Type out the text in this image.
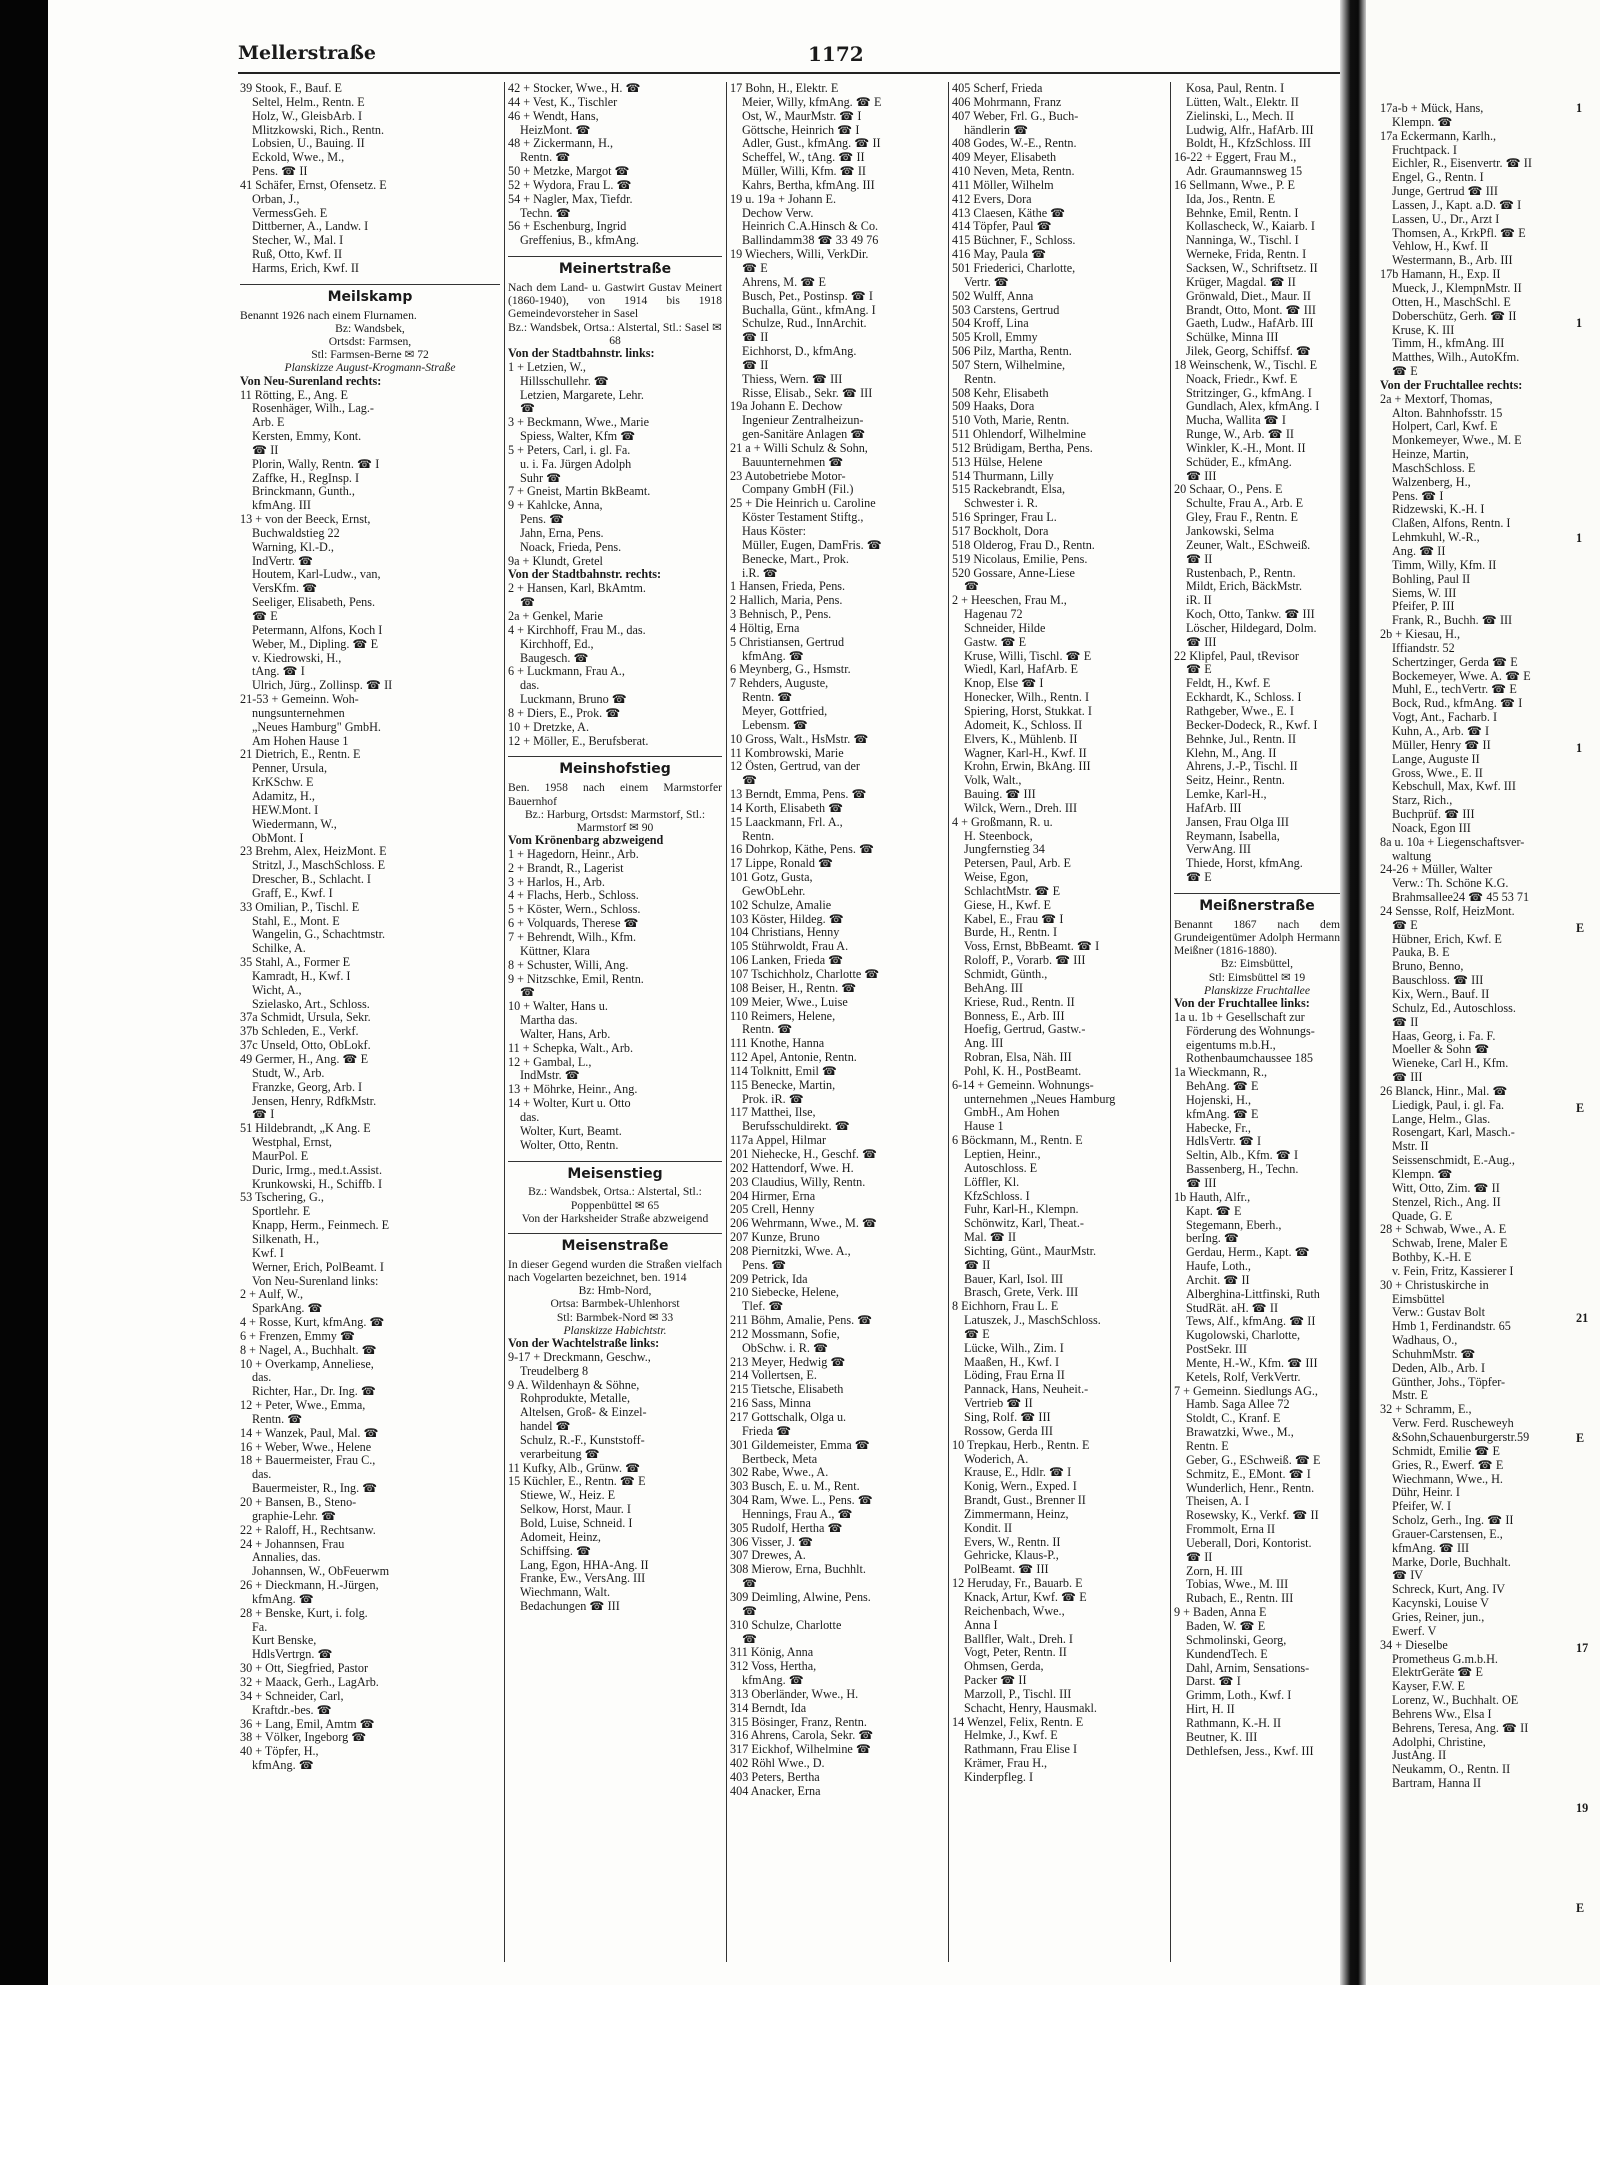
Mellerstraße	1172
39 Stook, F., Bauf. E
Seltel, Helm., Rentn. E
Holz, W., GleisbArb. I
Mlitzkowski, Rich., Rentn.
Lobsien, U., Bauing. II
Eckold, Wwe., M.,
Pens. ☎ II
41 Schäfer, Ernst, Ofensetz. E
Orban, J.,
VermessGeh. E
Dittberner, A., Landw. I
Stecher, W., Mal. I
Ruß, Otto, Kwf. II
Harms, Erich, Kwf. II
Meilskamp
Benannt 1926 nach einem Flurnamen.
Bz: Wandsbek,
Ortsdst: Farmsen,
Stl: Farmsen-Berne ✉ 72
Planskizze August-Krogmann-Straße
Von Neu-Surenland rechts:
11 Rötting, E., Ang. E
Rosenhäger, Wilh., Lag.-
Arb. E
Kersten, Emmy, Kont.
☎ II
Plorin, Wally, Rentn. ☎ I
Zaffke, H., RegInsp. I
Brinckmann, Gunth.,
kfmAng. III
13 + von der Beeck, Ernst,
Buchwaldstieg 22
Warning, Kl.-D.,
IndVertr. ☎
Houtem, Karl-Ludw., van,
VersKfm. ☎
Seeliger, Elisabeth, Pens.
☎ E
Petermann, Alfons, Koch I
Weber, M., Dipling. ☎ E
v. Kiedrowski, H.,
tAng. ☎ I
Ulrich, Jürg., Zollinsp. ☎ II
21-53 + Gemeinn. Woh-
nungsunternehmen
„Neues Hamburg" GmbH.
Am Hohen Hause 1
21 Dietrich, E., Rentn. E
Penner, Ursula,
KrKSchw. E
Adamitz, H.,
HEW.Mont. I
Wiedermann, W.,
ObMont. I
23 Brehm, Alex, HeizMont. E
Stritzl, J., MaschSchloss. E
Drescher, B., Schlacht. I
Graff, E., Kwf. I
33 Omilian, P., Tischl. E
Stahl, E., Mont. E
Wangelin, G., Schachtmstr.
Schilke, A.
35 Stahl, A., Former E
Kamradt, H., Kwf. I
Wicht, A.,
Szielasko, Art., Schloss.
37a Schmidt, Ursula, Sekr.
37b Schleden, E., Verkf.
37c Unseld, Otto, ObLokf.
49 Germer, H., Ang. ☎ E
Studt, W., Arb.
Franzke, Georg, Arb. I
Jensen, Henry, RdfkMstr.
☎ I
51 Hildebrandt, „K Ang. E
Westphal, Ernst,
MaurPol. E
Duric, Irmg., med.t.Assist.
Krunkowski, H., Schiffb. I
53 Tschering, G.,
Sportlehr. E
Knapp, Herm., Feinmech. E
Silkenath, H.,
Kwf. I
Werner, Erich, PolBeamt. I
Von Neu-Surenland links:
2 + Aulf, W.,
SparkAng. ☎
4 + Rosse, Kurt, kfmAng. ☎
6 + Frenzen, Emmy ☎
8 + Nagel, A., Buchhalt. ☎
10 + Overkamp, Anneliese,
das.
Richter, Har., Dr. Ing. ☎
12 + Peter, Wwe., Emma,
Rentn. ☎
14 + Wanzek, Paul, Mal. ☎
16 + Weber, Wwe., Helene
18 + Bauermeister, Frau C.,
das.
Bauermeister, R., Ing. ☎
20 + Bansen, B., Steno-
graphie-Lehr. ☎
22 + Raloff, H., Rechtsanw.
24 + Johannsen, Frau
Annalies, das.
Johannsen, W., ObFeuerwm
26 + Dieckmann, H.-Jürgen,
kfmAng. ☎
28 + Benske, Kurt, i. folg.
Fa.
Kurt Benske,
HdlsVertrgn. ☎
30 + Ott, Siegfried, Pastor
32 + Maack, Gerh., LagArb.
34 + Schneider, Carl,
Kraftdr.-bes. ☎
36 + Lang, Emil, Amtm ☎
38 + Völker, Ingeborg ☎
40 + Töpfer, H.,
kfmAng. ☎
42 + Stocker, Wwe., H. ☎
44 + Vest, K., Tischler
46 + Wendt, Hans,
HeizMont. ☎
48 + Zickermann, H.,
Rentn. ☎
50 + Metzke, Margot ☎
52 + Wydora, Frau L. ☎
54 + Nagler, Max, Tiefdr.
Techn. ☎
56 + Eschenburg, Ingrid
Greffenius, B., kfmAng.
Meinertstraße
Nach dem Land- u. Gastwirt Gustav Meinert (1860-1940), von 1914 bis 1918 Gemeindevorsteher in Sasel
Bz.: Wandsbek, Ortsa.: Alstertal, Stl.: Sasel ✉ 68
Von der Stadtbahnstr. links:
1 + Letzien, W.,
Hillsschullehr. ☎
Letzien, Margarete, Lehr.
☎
3 + Beckmann, Wwe., Marie
Spiess, Walter, Kfm ☎
5 + Peters, Carl, i. gl. Fa.
u. i. Fa. Jürgen Adolph
Suhr ☎
7 + Gneist, Martin BkBeamt.
9 + Kahlcke, Anna,
Pens. ☎
Jahn, Erna, Pens.
Noack, Frieda, Pens.
9a + Klundt, Gretel
Von der Stadtbahnstr. rechts:
2 + Hansen, Karl, BkAmtm.
☎
2a + Genkel, Marie
4 + Kirchhoff, Frau M., das.
Kirchhoff, Ed.,
Baugesch. ☎
6 + Luckmann, Frau A.,
das.
Luckmann, Bruno ☎
8 + Diers, E., Prok. ☎
10 + Dretzke, A.
12 + Möller, E., Berufsberat.
Meinshofstieg
Ben. 1958 nach einem Marmstorfer Bauernhof
Bz.: Harburg, Ortsdst: Marmstorf, Stl.: Marmstorf ✉ 90
Vom Krönenbarg abzweigend
1 + Hagedorn, Heinr., Arb.
2 + Brandt, R., Lagerist
3 + Harlos, H., Arb.
4 + Flachs, Herb., Schloss.
5 + Köster, Wern., Schloss.
6 + Volquards, Therese ☎
7 + Behrendt, Wilh., Kfm.
Küttner, Klara
8 + Schuster, Willi, Ang.
9 + Nitzschke, Emil, Rentn.
☎
10 + Walter, Hans u.
Martha das.
Walter, Hans, Arb.
11 + Schepka, Walt., Arb.
12 + Gambal, L.,
IndMstr. ☎
13 + Möhrke, Heinr., Ang.
14 + Wolter, Kurt u. Otto
das.
Wolter, Kurt, Beamt.
Wolter, Otto, Rentn.
Meisenstieg
Bz.: Wandsbek, Ortsa.: Alstertal, Stl.: Poppenbüttel ✉ 65
Von der Harksheider Straße abzweigend
Meisenstraße
In dieser Gegend wurden die Straßen vielfach nach Vogelarten bezeichnet, ben. 1914
Bz: Hmb-Nord,
Ortsa: Barmbek-Uhlenhorst
Stl: Barmbek-Nord ✉ 33
Planskizze Habichtstr.
Von der Wachtelstraße links:
9-17 + Dreckmann, Geschw.,
Treudelberg 8
9 A. Wildenhayn & Söhne,
Rohprodukte, Metalle,
Altelsen, Groß- & Einzel-
handel ☎
Schulz, R.-F., Kunststoff-
verarbeitung ☎
11 Kufky, Alb., Grünw. ☎
15 Küchler, E., Rentn. ☎ E
Stiewe, W., Heiz. E
Selkow, Horst, Maur. I
Bold, Luise, Schneid. I
Adomeit, Heinz,
Schiffsing. ☎
Lang, Egon, HHA-Ang. II
Franke, Ew., VersAng. III
Wiechmann, Walt.
Bedachungen ☎ III
17 Bohn, H., Elektr. E
Meier, Willy, kfmAng. ☎ E
Ost, W., MaurMstr. ☎ I
Göttsche, Heinrich ☎ I
Adler, Gust., kfmAng. ☎ II
Scheffel, W., tAng. ☎ II
Müller, Willi, Kfm. ☎ II
Kahrs, Bertha, kfmAng. III
19 u. 19a + Johann E.
Dechow Verw.
Heinrich C.A.Hinsch & Co.
Ballindamm38 ☎ 33 49 76
19 Wiechers, Willi, VerkDir.
☎ E
Ahrens, M. ☎ E
Busch, Pet., Postinsp. ☎ I
Buchalla, Günt., kfmAng. I
Schulze, Rud., InnArchit.
☎ II
Eichhorst, D., kfmAng.
☎ II
Thiess, Wern. ☎ III
Risse, Elisab., Sekr. ☎ III
19a Johann E. Dechow
Ingenieur Zentralheizun-
gen-Sanitäre Anlagen ☎
21 a + Willi Schulz & Sohn,
Bauunternehmen ☎
23 Autobetriebe Motor-
Company GmbH (Fil.)
25 + Die Heinrich u. Caroline
Köster Testament Stiftg.,
Haus Köster:
Müller, Eugen, DamFris. ☎
Benecke, Mart., Prok.
i.R. ☎
1 Hansen, Frieda, Pens.
2 Hallich, Maria, Pens.
3 Behnisch, P., Pens.
4 Höltig, Erna
5 Christiansen, Gertrud
kfmAng. ☎
6 Meynberg, G., Hsmstr.
7 Rehders, Auguste,
Rentn. ☎
Meyer, Gottfried,
Lebensm. ☎
10 Gross, Walt., HsMstr. ☎
11 Kombrowski, Marie
12 Östen, Gertrud, van der
☎
13 Berndt, Emma, Pens. ☎
14 Korth, Elisabeth ☎
15 Laackmann, Frl. A.,
Rentn.
16 Dohrkop, Käthe, Pens. ☎
17 Lippe, Ronald ☎
101 Gotz, Gusta,
GewObLehr.
102 Schulze, Amalie
103 Köster, Hildeg. ☎
104 Christians, Henny
105 Stührwoldt, Frau A.
106 Lanken, Frieda ☎
107 Tschichholz, Charlotte ☎
108 Beiser, H., Rentn. ☎
109 Meier, Wwe., Luise
110 Reimers, Helene,
Rentn. ☎
111 Knothe, Hanna
112 Apel, Antonie, Rentn.
114 Tolknitt, Emil ☎
115 Benecke, Martin,
Prok. iR. ☎
117 Matthei, Ilse,
Berufsschuldirekt. ☎
117a Appel, Hilmar
201 Niehecke, H., Geschf. ☎
202 Hattendorf, Wwe. H.
203 Claudius, Willy, Rentn.
204 Hirmer, Erna
205 Crell, Henny
206 Wehrmann, Wwe., M. ☎
207 Kunze, Bruno
208 Piernitzki, Wwe. A.,
Pens. ☎
209 Petrick, Ida
210 Siebecke, Helene,
Tlef. ☎
211 Böhm, Amalie, Pens. ☎
212 Mossmann, Sofie,
ObSchw. i. R. ☎
213 Meyer, Hedwig ☎
214 Vollertsen, E.
215 Tietsche, Elisabeth
216 Sass, Minna
217 Gottschalk, Olga u.
Frieda ☎
301 Gildemeister, Emma ☎
Bertbeck, Meta
302 Rabe, Wwe., A.
303 Busch, E. u. M., Rent.
304 Ram, Wwe. L., Pens. ☎
Hennings, Frau A., ☎
305 Rudolf, Hertha ☎
306 Visser, J. ☎
307 Drewes, A.
308 Mierow, Erna, Buchhlt.
☎
309 Deimling, Alwine, Pens.
☎
310 Schulze, Charlotte
☎
311 König, Anna
312 Voss, Hertha,
kfmAng. ☎
313 Oberländer, Wwe., H.
314 Berndt, Ida
315 Bösinger, Franz, Rentn.
316 Ahrens, Carola, Sekr. ☎
317 Eickhof, Wilhelmine ☎
402 Röhl Wwe., D.
403 Peters, Bertha
404 Anacker, Erna
405 Scherf, Frieda
406 Mohrmann, Franz
407 Weber, Frl. G., Buch-
händlerin ☎
408 Godes, W.-E., Rentn.
409 Meyer, Elisabeth
410 Neven, Meta, Rentn.
411 Möller, Wilhelm
412 Evers, Dora
413 Claesen, Käthe ☎
414 Töpfer, Paul ☎
415 Büchner, F., Schloss.
416 May, Paula ☎
501 Friederici, Charlotte,
Vertr. ☎
502 Wulff, Anna
503 Carstens, Gertrud
504 Kroff, Lina
505 Kroll, Emmy
506 Pilz, Martha, Rentn.
507 Stern, Wilhelmine,
Rentn.
508 Kehr, Elisabeth
509 Haaks, Dora
510 Voth, Marie, Rentn.
511 Ohlendorf, Wilhelmine
512 Brüdigam, Bertha, Pens.
513 Hülse, Helene
514 Thurmann, Lilly
515 Rackebrandt, Elsa,
Schwester i. R.
516 Springer, Frau L.
517 Bockholt, Dora
518 Olderog, Frau D., Rentn.
519 Nicolaus, Emilie, Pens.
520 Gossare, Anne-Liese
☎
2 + Heeschen, Frau M.,
Hagenau 72
Schneider, Hilde
Gastw. ☎ E
Kruse, Willi, Tischl. ☎ E
Wiedl, Karl, HafArb. E
Knop, Else ☎ I
Honecker, Wilh., Rentn. I
Spiering, Horst, Stukkat. I
Adomeit, K., Schloss. II
Elvers, K., Mühlenb. II
Wagner, Karl-H., Kwf. II
Krohn, Erwin, BkAng. III
Volk, Walt.,
Bauing. ☎ III
Wilck, Wern., Dreh. III
4 + Großmann, R. u.
H. Steenbock,
Jungfernstieg 34
Petersen, Paul, Arb. E
Weise, Egon,
SchlachtMstr. ☎ E
Giese, H., Kwf. E
Kabel, E., Frau ☎ I
Burde, H., Rentn. I
Voss, Ernst, BbBeamt. ☎ I
Roloff, P., Vorarb. ☎ III
Schmidt, Günth.,
BehAng. III
Kriese, Rud., Rentn. II
Bonness, E., Arb. III
Hoefig, Gertrud, Gastw.-
Ang. III
Robran, Elsa, Näh. III
Pohl, K. H., PostBeamt.
6-14 + Gemeinn. Wohnungs-
unternehmen „Neues Hamburg
GmbH., Am Hohen
Hause 1
6 Böckmann, M., Rentn. E
Leptien, Heinr.,
Autoschloss. E
Löffler, Kl.
KfzSchloss. I
Fuhr, Karl-H., Klempn.
Schönwitz, Karl, Theat.-
Mal. ☎ II
Sichting, Günt., MaurMstr.
☎ II
Bauer, Karl, Isol. III
Brasch, Grete, Verk. III
8 Eichhorn, Frau L. E
Latuszek, J., MaschSchloss.
☎ E
Lücke, Wilh., Zim. I
Maaßen, H., Kwf. I
Löding, Frau Erna II
Pannack, Hans, Neuheit.-
Vertrieb ☎ II
Sing, Rolf. ☎ III
Rossow, Gerda III
10 Trepkau, Herb., Rentn. E
Woderich, A.
Krause, E., Hdlr. ☎ I
Konig, Wern., Exped. I
Brandt, Gust., Brenner II
Zimmermann, Heinz,
Kondit. II
Evers, W., Rentn. II
Gehricke, Klaus-P.,
PolBeamt. ☎ III
12 Heruday, Fr., Bauarb. E
Knack, Artur, Kwf. ☎ E
Reichenbach, Wwe.,
Anna I
Ballfler, Walt., Dreh. I
Vogt, Peter, Rentn. II
Ohmsen, Gerda,
Packer ☎ II
Marzoll, P., Tischl. III
Schacht, Henry, Hausmakl.
14 Wenzel, Felix, Rentn. E
Helmke, J., Kwf. E
Rathmann, Frau Elise I
Krämer, Frau H.,
Kinderpfleg. I
Kosa, Paul, Rentn. I
Lütten, Walt., Elektr. II
Zielinski, L., Mech. II
Ludwig, Alfr., HafArb. III
Boldt, H., KfzSchloss. III
16-22 + Eggert, Frau M.,
Adr. Graumannsweg 15
16 Sellmann, Wwe., P. E
Ida, Jos., Rentn. E
Behnke, Emil, Rentn. I
Kollascheck, W., Kaiarb. I
Nanninga, W., Tischl. I
Werneke, Frida, Rentn. I
Sacksen, W., Schriftsetz. II
Krüger, Magdal. ☎ II
Grönwald, Diet., Maur. II
Brandt, Otto, Mont. ☎ III
Gaeth, Ludw., HafArb. III
Schülke, Minna III
Jilek, Georg, Schiffsf. ☎
18 Weinschenk, W., Tischl. E
Noack, Friedr., Kwf. E
Stritzinger, G., kfmAng. I
Gundlach, Alex, kfmAng. I
Mucha, Wallita ☎ I
Runge, W., Arb. ☎ II
Winkler, K.-H., Mont. II
Schüder, E., kfmAng.
☎ III
20 Schaar, O., Pens. E
Schulte, Frau A., Arb. E
Gley, Frau F., Rentn. E
Jankowski, Selma
Zeuner, Walt., ESchweiß.
☎ II
Rustenbach, P., Rentn.
Mildt, Erich, BäckMstr.
iR. II
Koch, Otto, Tankw. ☎ III
Löscher, Hildegard, Dolm.
☎ III
22 Klipfel, Paul, tRevisor
☎ E
Feldt, H., Kwf. E
Eckhardt, K., Schloss. I
Rathgeber, Wwe., E. I
Becker-Dodeck, R., Kwf. I
Behnke, Jul., Rentn. II
Klehn, M., Ang. II
Ahrens, J.-P., Tischl. II
Seitz, Heinr., Rentn.
Lemke, Karl-H.,
HafArb. III
Jansen, Frau Olga III
Reymann, Isabella,
VerwAng. III
Thiede, Horst, kfmAng.
☎ E
Meißnerstraße
Benannt 1867 nach dem Grundeigentümer Adolph Hermann Meißner (1816-1880).
Bz: Eimsbüttel,
Stl: Eimsbüttel ✉ 19
Planskizze Fruchtallee
Von der Fruchtallee links:
1a u. 1b + Gesellschaft zur
Förderung des Wohnungs-
eigentums m.b.H.,
Rothenbaumchaussee 185
1a Wieckmann, R.,
BehAng. ☎ E
Hojenski, H.,
kfmAng. ☎ E
Habecke, Fr.,
HdlsVertr. ☎ I
Seltin, Alb., Kfm. ☎ I
Bassenberg, H., Techn.
☎ III
1b Hauth, Alfr.,
Kapt. ☎ E
Stegemann, Eberh.,
berIng. ☎
Gerdau, Herm., Kapt. ☎
Haufe, Loth.,
Archit. ☎ II
Alberghina-Littfinski, Ruth
StudRät. aH. ☎ II
Tews, Alf., kfmAng. ☎ II
Kugolowski, Charlotte,
PostSekr. III
Mente, H.-W., Kfm. ☎ III
Ketels, Rolf, VerkVertr.
7 + Gemeinn. Siedlungs AG.,
Hamb. Saga Allee 72
Stoldt, C., Kranf. E
Brawatzki, Wwe., M.,
Rentn. E
Geber, G., ESchweiß. ☎ E
Schmitz, E., EMont. ☎ I
Wunderlich, Henr., Rentn.
Theisen, A. I
Rosewsky, K., Verkf. ☎ II
Frommolt, Erna II
Ueberall, Dori, Kontorist.
☎ II
Zorn, H. III
Tobias, Wwe., M. III
Rubach, E., Rentn. III
9 + Baden, Anna E
Baden, W. ☎ E
Schmolinski, Georg,
KundendTech. E
Dahl, Arnim, Sensations-
Darst. ☎ I
Grimm, Loth., Kwf. I
Hirt, H. II
Rathmann, K.-H. II
Beutner, K. III
Dethlefsen, Jess., Kwf. III
17a-b + Mück, Hans,
Klempn. ☎
17a Eckermann, Karlh.,
Fruchtpack. I
Eichler, R., Eisenvertr. ☎ II
Engel, G., Rentn. I
Junge, Gertrud ☎ III
Lassen, J., Kapt. a.D. ☎ I
Lassen, U., Dr., Arzt I
Thomsen, A., KrkPfl. ☎ E
Vehlow, H., Kwf. II
Westermann, B., Arb. III
17b Hamann, H., Exp. II
Mueck, J., KlempnMstr. II
Otten, H., MaschSchl. E
Doberschütz, Gerh. ☎ II
Kruse, K. III
Timm, H., kfmAng. III
Matthes, Wilh., AutoKfm.
☎ E
Von der Fruchtallee rechts:
2a + Mextorf, Thomas,
Alton. Bahnhofsstr. 15
Holpert, Carl, Kwf. E
Monkemeyer, Wwe., M. E
Heinze, Martin,
MaschSchloss. E
Walzenberg, H.,
Pens. ☎ I
Ridzewski, K.-H. I
Claßen, Alfons, Rentn. I
Lehmkuhl, W.-R.,
Ang. ☎ II
Timm, Willy, Kfm. II
Bohling, Paul II
Siems, W. III
Pfeifer, P. III
Frank, R., Buchh. ☎ III
2b + Kiesau, H.,
Iffiandstr. 52
Schertzinger, Gerda ☎ E
Bockemeyer, Wwe. A. ☎ E
Muhl, E., techVertr. ☎ E
Bock, Rud., kfmAng. ☎ I
Vogt, Ant., Facharb. I
Kuhn, A., Arb. ☎ I
Müller, Henry ☎ II
Lange, Auguste II
Gross, Wwe., E. II
Kebschull, Max, Kwf. III
Starz, Rich.,
Buchprüf. ☎ III
Noack, Egon III
8a u. 10a + Liegenschaftsver-
waltung
24-26 + Müller, Walter
Verw.: Th. Schöne K.G.
Brahmsallee24 ☎ 45 53 71
24 Sensse, Rolf, HeizMont.
☎ E
Hübner, Erich, Kwf. E
Pauka, B. E
Bruno, Benno,
Bauschloss. ☎ III
Kix, Wern., Bauf. II
Schulz, Ed., Autoschloss.
☎ II
Haas, Georg, i. Fa. F.
Moeller & Sohn ☎
Wieneke, Carl H., Kfm.
☎ III
26 Blanck, Hinr., Mal. ☎
Liedigk, Paul, i. gl. Fa.
Lange, Helm., Glas.
Rosengart, Karl, Masch.-
Mstr. II
Seissenschmidt, E.-Aug.,
Klempn. ☎
Witt, Otto, Zim. ☎ II
Stenzel, Rich., Ang. II
Quade, G. E
28 + Schwab, Wwe., A. E
Schwab, Irene, Maler E
Bothby, K.-H. E
v. Fein, Fritz, Kassierer I
30 + Christuskirche in
Eimsbüttel
Verw.: Gustav Bolt
Hmb 1, Ferdinandstr. 65
Wadhaus, O.,
SchuhmMstr. ☎
Deden, Alb., Arb. I
Günther, Johs., Töpfer-
Mstr. E
32 + Schramm, E.,
Verw. Ferd. Ruscheweyh
&Sohn,Schauenburgerstr.59
Schmidt, Emilie ☎ E
Gries, R., Ewerf. ☎ E
Wiechmann, Wwe., H.
Dühr, Heinr. I
Pfeifer, W. I
Scholz, Gerh., Ing. ☎ II
Grauer-Carstensen, E.,
kfmAng. ☎ III
Marke, Dorle, Buchhalt.
☎ IV
Schreck, Kurt, Ang. IV
Kacynski, Louise V
Gries, Reiner, jun.,
Ewerf. V
34 + Dieselbe
Prometheus G.m.b.H.
ElektrGeräte ☎ E
Kayser, F.W. E
Lorenz, W., Buchhalt. OE
Behrens Ww., Elsa I
Behrens, Teresa, Ang. ☎ II
Adolphi, Christine,
JustAng. II
Neukamm, O., Rentn. II
Bartram, Hanna II
1
1
1
1
E
E
21
E
17
19
E
